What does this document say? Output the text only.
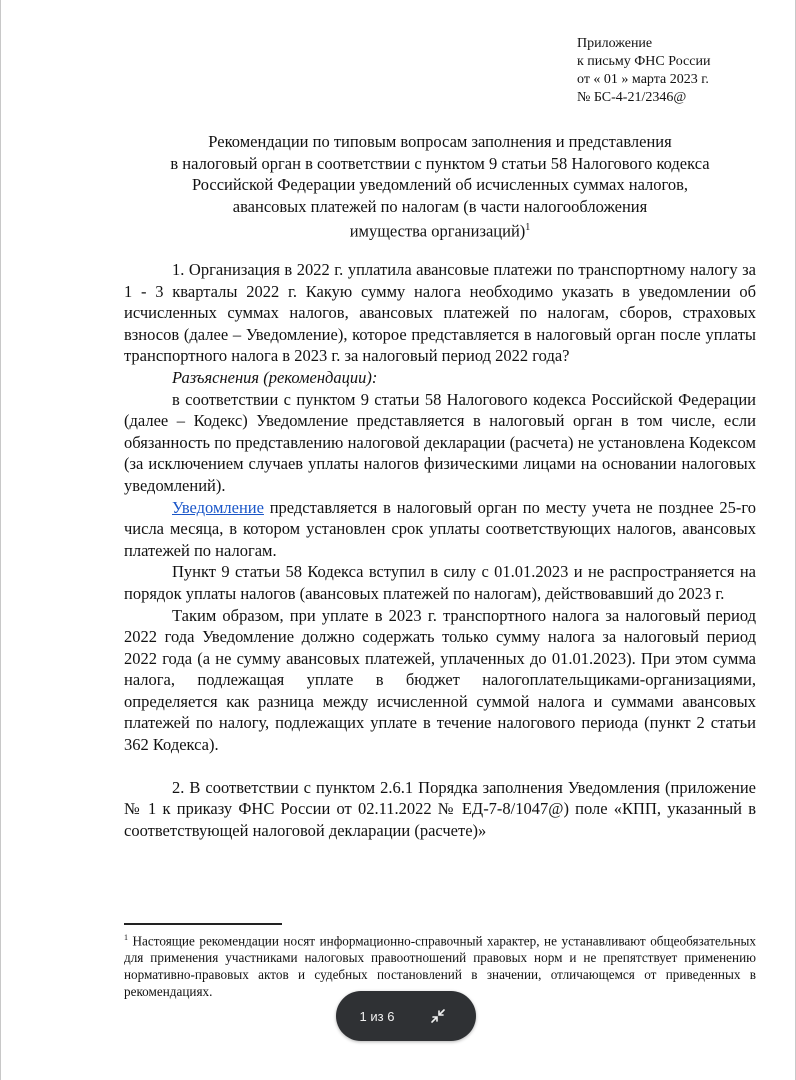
Приложение
к письму ФНС России
от « 01 » марта 2023 г.
№ БС-4-21/2346@
Рекомендации по типовым вопросам заполнения и представления
в налоговый орган в соответствии с пунктом 9 статьи 58 Налогового кодекса
Российской Федерации уведомлений об исчисленных суммах налогов,
авансовых платежей по налогам (в части налогообложения
имущества организаций)$^1$

1. Организация в 2022 г. уплатила авансовые платежи по транспортному налогу за 1 - 3 кварталы 2022 г. Какую сумму налога необходимо указать в уведомлении об исчисленных суммах налогов, авансовых платежей по налогам, сборов, страховых взносов (далее – Уведомление), которое представляется в налоговый орган после уплаты транспортного налога в 2023 г. за налоговый период 2022 года?

Разъяснения (рекомендации):

в соответствии с пунктом 9 статьи 58 Налогового кодекса Российской Федерации (далее – Кодекс) Уведомление представляется в налоговый орган в том числе, если обязанность по представлению налоговой декларации (расчета) не установлена Кодексом (за исключением случаев уплаты налогов физическими лицами на основании налоговых уведомлений).

Уведомление представляется в налоговый орган по месту учета не позднее 25-го числа месяца, в котором установлен срок уплаты соответствующих налогов, авансовых платежей по налогам.

Пункт 9 статьи 58 Кодекса вступил в силу с 01.01.2023 и не распространяется на порядок уплаты налогов (авансовых платежей по налогам), действовавший до 2023 г.

Таким образом, при уплате в 2023 г. транспортного налога за налоговый период 2022 года Уведомление должно содержать только сумму налога за налоговый период 2022 года (а не сумму авансовых платежей, уплаченных до 01.01.2023). При этом сумма налога, подлежащая уплате в бюджет налогоплательщиками-организациями, определяется как разница между исчисленной суммой налога и суммами авансовых платежей по налогу, подлежащих уплате в течение налогового периода (пункт 2 статьи 362 Кодекса).

2. В соответствии с пунктом 2.6.1 Порядка заполнения Уведомления (приложение № 1 к приказу ФНС России от 02.11.2022 № ЕД-7-8/1047@) поле «КПП, указанный в соответствующей налоговой декларации (расчете)»

$^1$ Настоящие рекомендации носят информационно-справочный характер, не устанавливают общеобязательных для применения участниками налоговых правоотношений правовых норм и не препятствует применению нормативно-правовых актов и судебных постановлений в значении, отличающемся от приведенных в рекомендациях.
1 из 6
